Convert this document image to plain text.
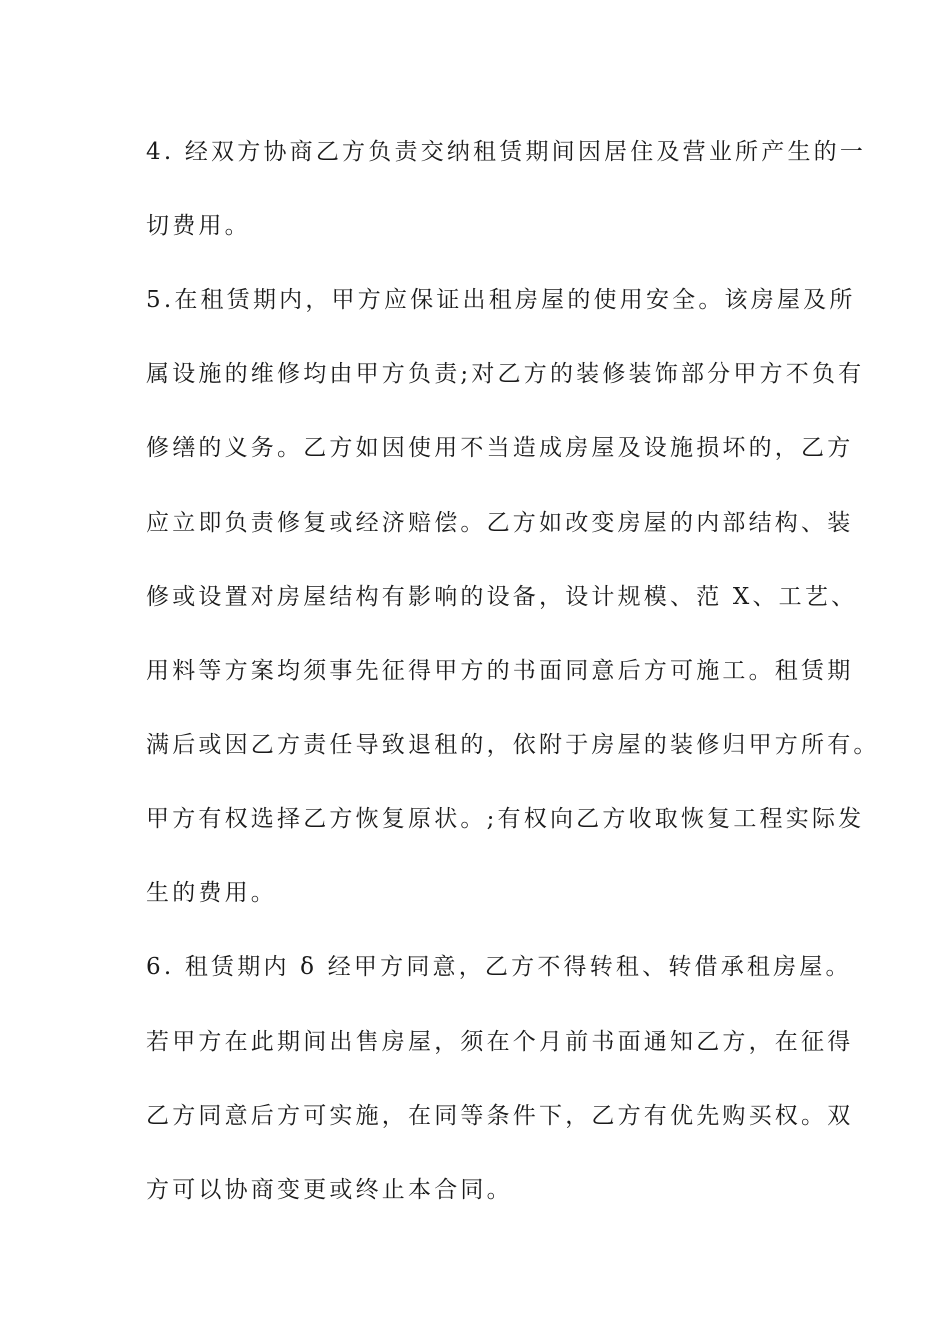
4. 经双方协商乙方负责交纳租赁期间因居住及营业所产生的一
切费用。
5.在租赁期内，甲方应保证出租房屋的使用安全。该房屋及所
属设施的维修均由甲方负责;对乙方的装修装饰部分甲方不负有
修缮的义务。乙方如因使用不当造成房屋及设施损坏的，乙方
应立即负责修复或经济赔偿。乙方如改变房屋的内部结构、装
修或设置对房屋结构有影响的设备，设计规模、范 X、工艺、
用料等方案均须事先征得甲方的书面同意后方可施工。租赁期
满后或因乙方责任导致退租的，依附于房屋的装修归甲方所有。
甲方有权选择乙方恢复原状。;有权向乙方收取恢复工程实际发
生的费用。
6. 租赁期内 δ 经甲方同意，乙方不得转租、转借承租房屋。
若甲方在此期间出售房屋，须在个月前书面通知乙方，在征得
乙方同意后方可实施，在同等条件下，乙方有优先购买权。双
方可以协商变更或终止本合同。
